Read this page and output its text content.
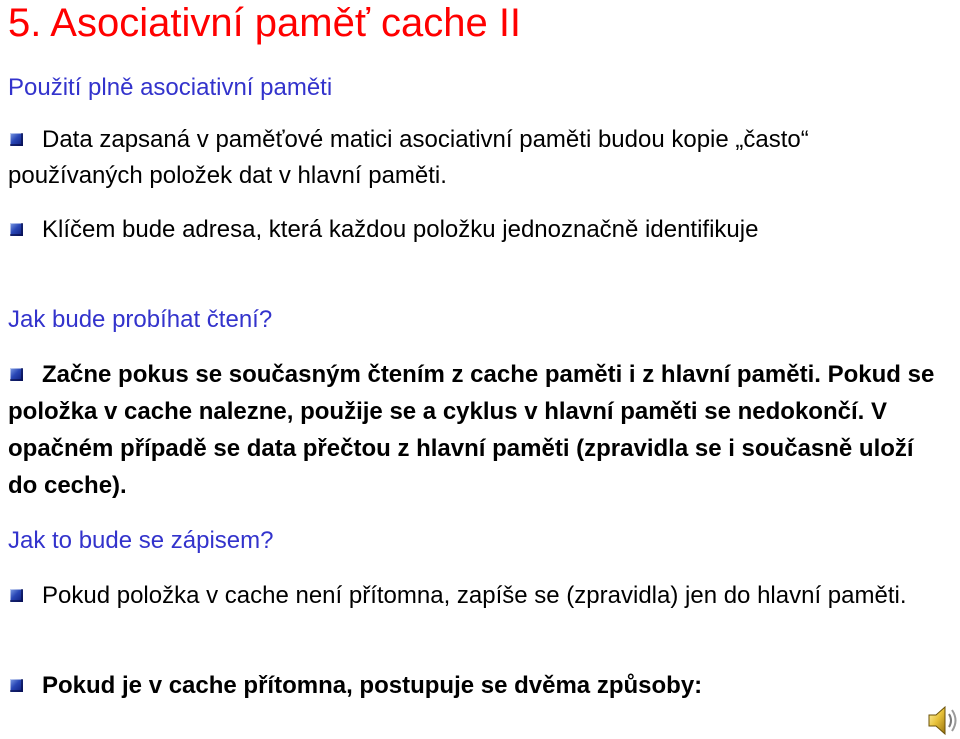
5. Asociativní paměť cache II
Použití plně asociativní paměti
Data zapsaná v paměťové matici asociativní paměti budou kopie „často“ používaných položek dat v hlavní paměti.
Klíčem bude adresa, která každou položku jednoznačně identifikuje
Jak bude probíhat čtení?
Začne pokus se současným čtením z cache paměti i z hlavní paměti. Pokud se položka v cache nalezne, použije se a cyklus v hlavní paměti se nedokončí. V opačném případě se data přečtou z hlavní paměti (zpravidla se i současně uloží do ceche).
Jak to bude se zápisem?
Pokud položka v cache není přítomna, zapíše se (zpravidla) jen do hlavní paměti.
Pokud je v cache přítomna, postupuje se dvěma způsoby:
